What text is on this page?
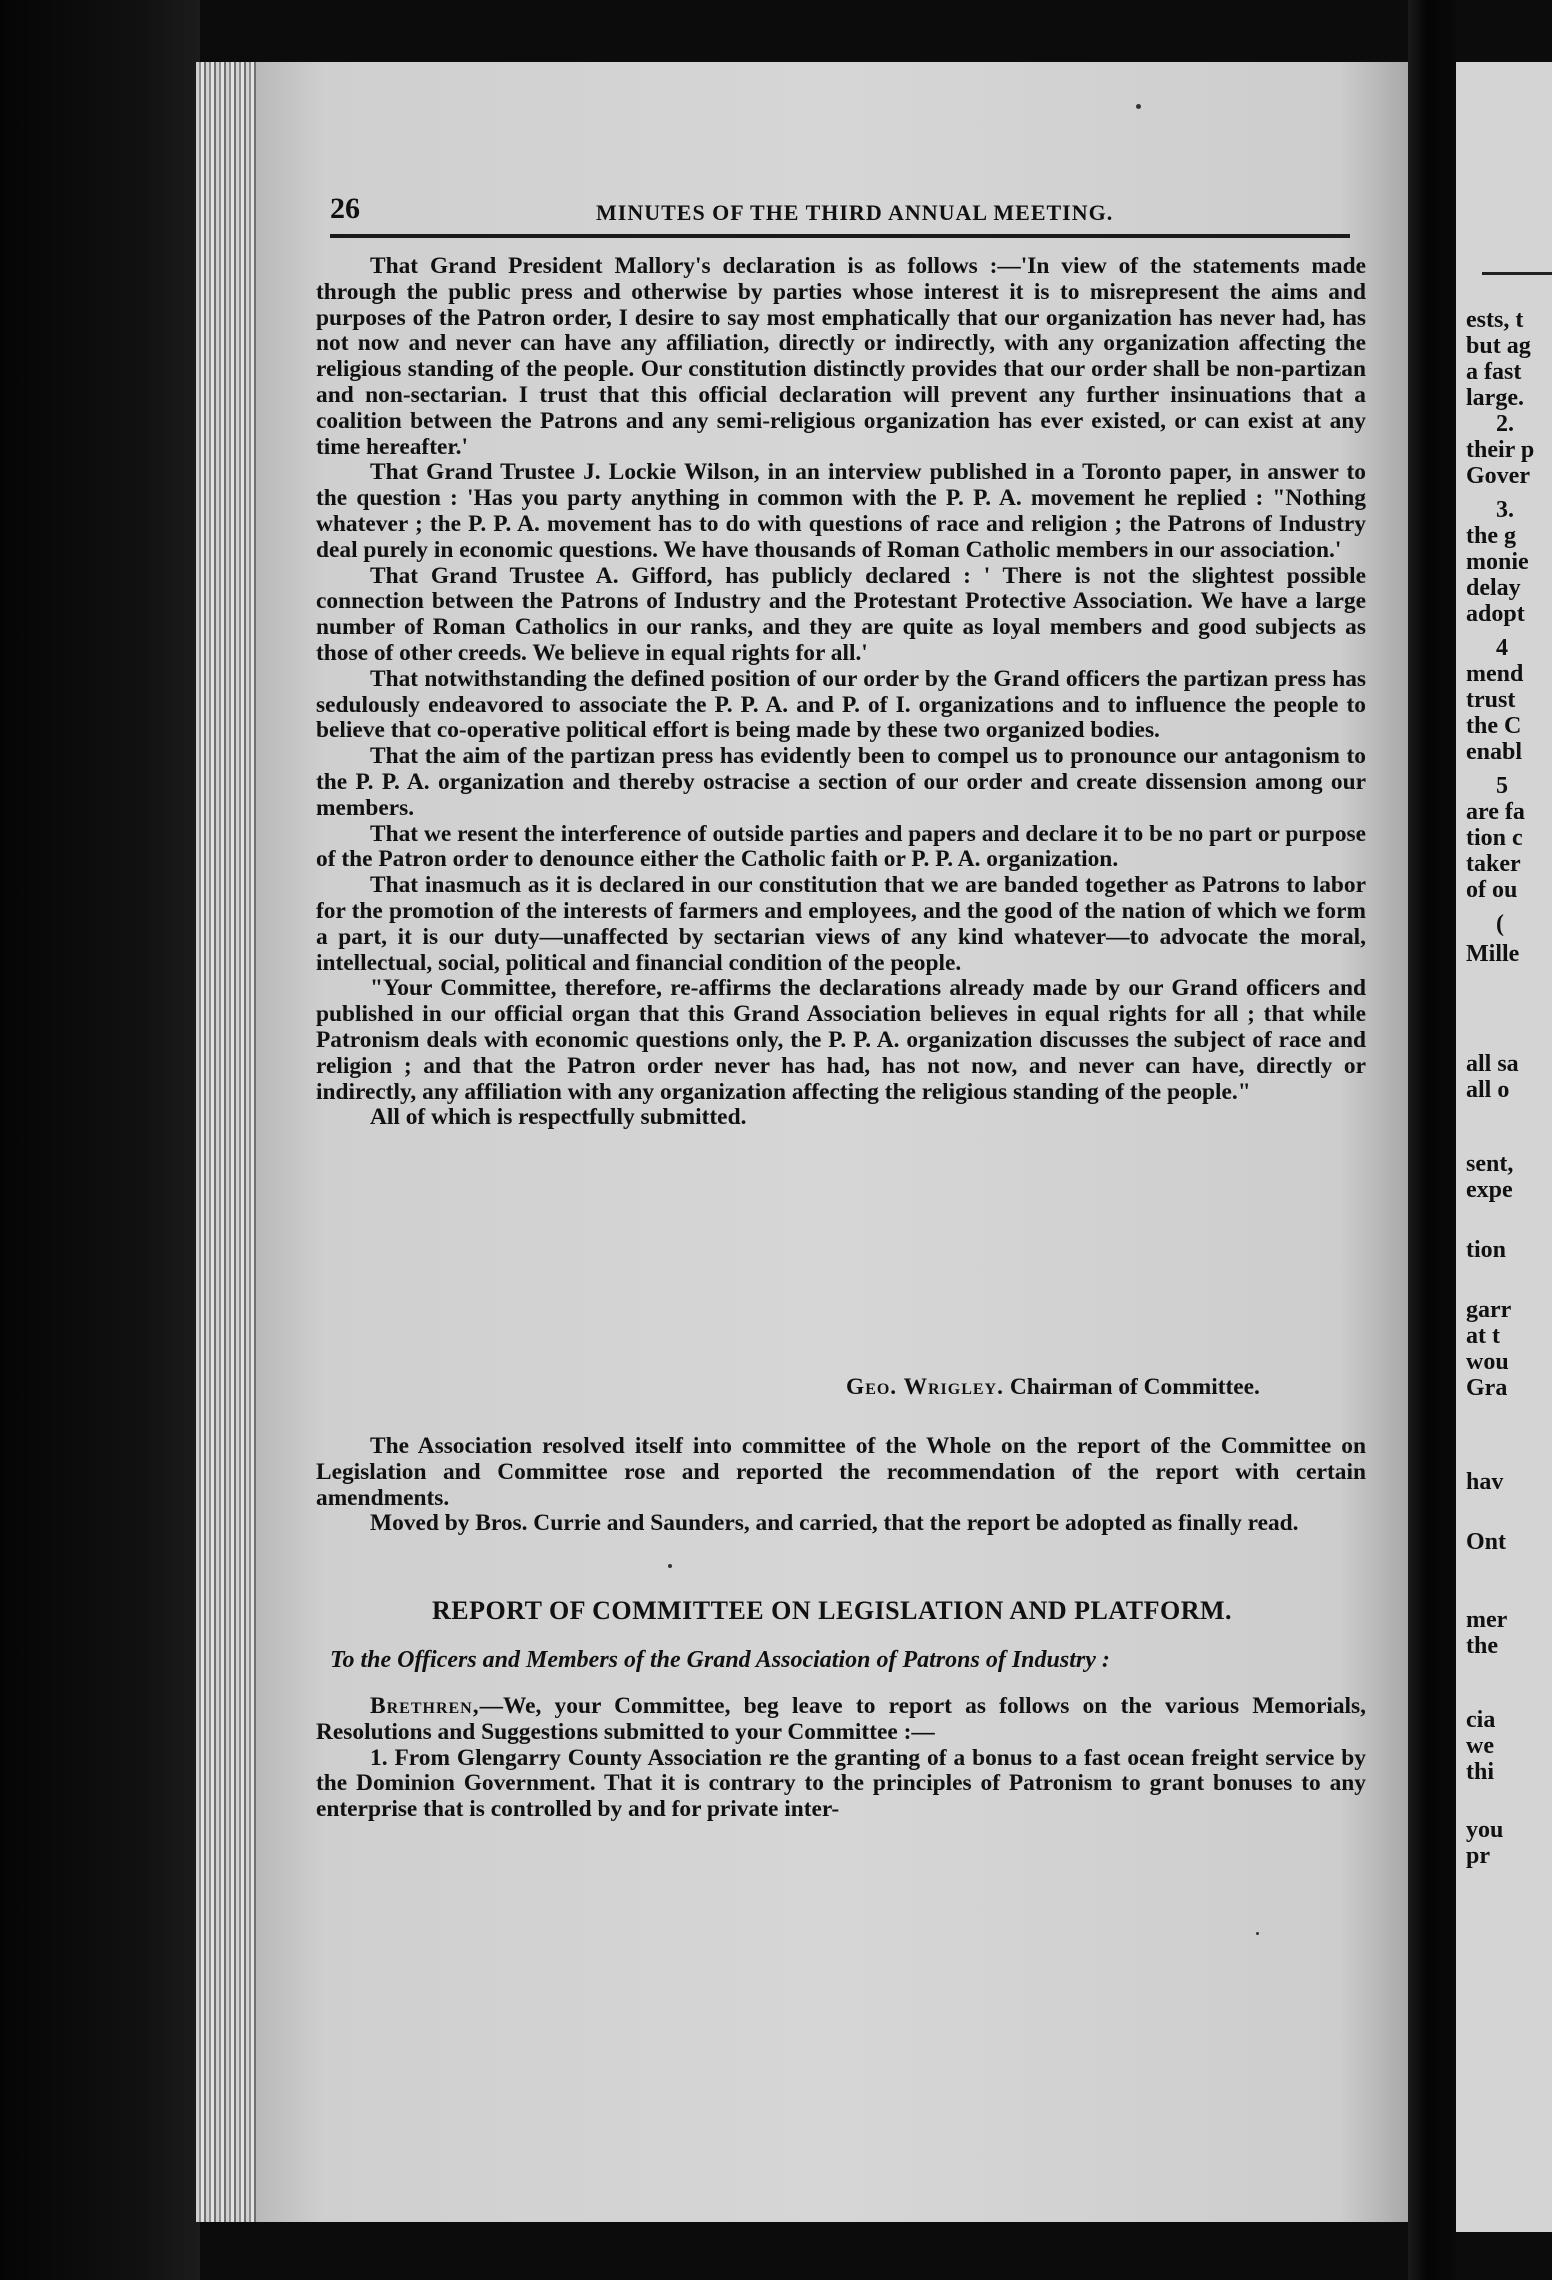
26	MINUTES OF THE THIRD ANNUAL MEETING.

That Grand President Mallory's declaration is as follows :—'In view of the statements made through the public press and otherwise by parties whose interest it is to misrepresent the aims and purposes of the Patron order, I desire to say most emphatically that our organization has never had, has not now and never can have any affiliation, directly or indirectly, with any organization affecting the religious standing of the people. Our constitution distinctly provides that our order shall be non-partizan and non-sectarian. I trust that this official declaration will prevent any further insinuations that a coalition between the Patrons and any semi-religious organization has ever existed, or can exist at any time hereafter.'

That Grand Trustee J. Lockie Wilson, in an interview published in a Toronto paper, in answer to the question : 'Has you party anything in common with the P. P. A. movement he replied : "Nothing whatever ; the P. P. A. movement has to do with questions of race and religion ; the Patrons of Industry deal purely in economic questions. We have thousands of Roman Catholic members in our association.'

That Grand Trustee A. Gifford, has publicly declared : ' There is not the slightest possible connection between the Patrons of Industry and the Protestant Protective Association. We have a large number of Roman Catholics in our ranks, and they are quite as loyal members and good subjects as those of other creeds. We believe in equal rights for all.'

That notwithstanding the defined position of our order by the Grand officers the partizan press has sedulously endeavored to associate the P. P. A. and P. of I. organizations and to influence the people to believe that co-operative political effort is being made by these two organized bodies.

That the aim of the partizan press has evidently been to compel us to pronounce our antagonism to the P. P. A. organization and thereby ostracise a section of our order and create dissension among our members.

That we resent the interference of outside parties and papers and declare it to be no part or purpose of the Patron order to denounce either the Catholic faith or P. P. A. organization.

That inasmuch as it is declared in our constitution that we are banded together as Patrons to labor for the promotion of the interests of farmers and employees, and the good of the nation of which we form a part, it is our duty—unaffected by sectarian views of any kind whatever—to advocate the moral, intellectual, social, political and financial condition of the people.

"Your Committee, therefore, re-affirms the declarations already made by our Grand officers and published in our official organ that this Grand Association believes in equal rights for all ; that while Patronism deals with economic questions only, the P. P. A. organization discusses the subject of race and religion ; and that the Patron order never has had, has not now, and never can have, directly or indirectly, any affiliation with any organization affecting the religious standing of the people."

All of which is respectfully submitted.

Geo. Wrigley. Chairman of Committee.

The Association resolved itself into committee of the Whole on the report of the Committee on Legislation and Committee rose and reported the recommendation of the report with certain amendments.

Moved by Bros. Currie and Saunders, and carried, that the report be adopted as finally read.

REPORT OF COMMITTEE ON LEGISLATION AND PLATFORM.
To the Officers and Members of the Grand Association of Patrons of Industry :

Brethren,—We, your Committee, beg leave to report as follows on the various Memorials, Resolutions and Suggestions submitted to your Committee :—

1. From Glengarry County Association re the granting of a bonus to a fast ocean freight service by the Dominion Government. That it is contrary to the principles of Patronism to grant bonuses to any enterprise that is controlled by and for private inter-

ests, t
but ag
a fast
large.
2.
their p
Gover
3.
the g
monie
delay
adopt
4
mend
trust
the C
enabl
5
are fa
tion c
taker
of ou
(
Mille
all sa
all o
sent,
expe
tion
garr
at t
wou
Gra
hav
Ont
mer
the
cia
we
thi
you
pr
